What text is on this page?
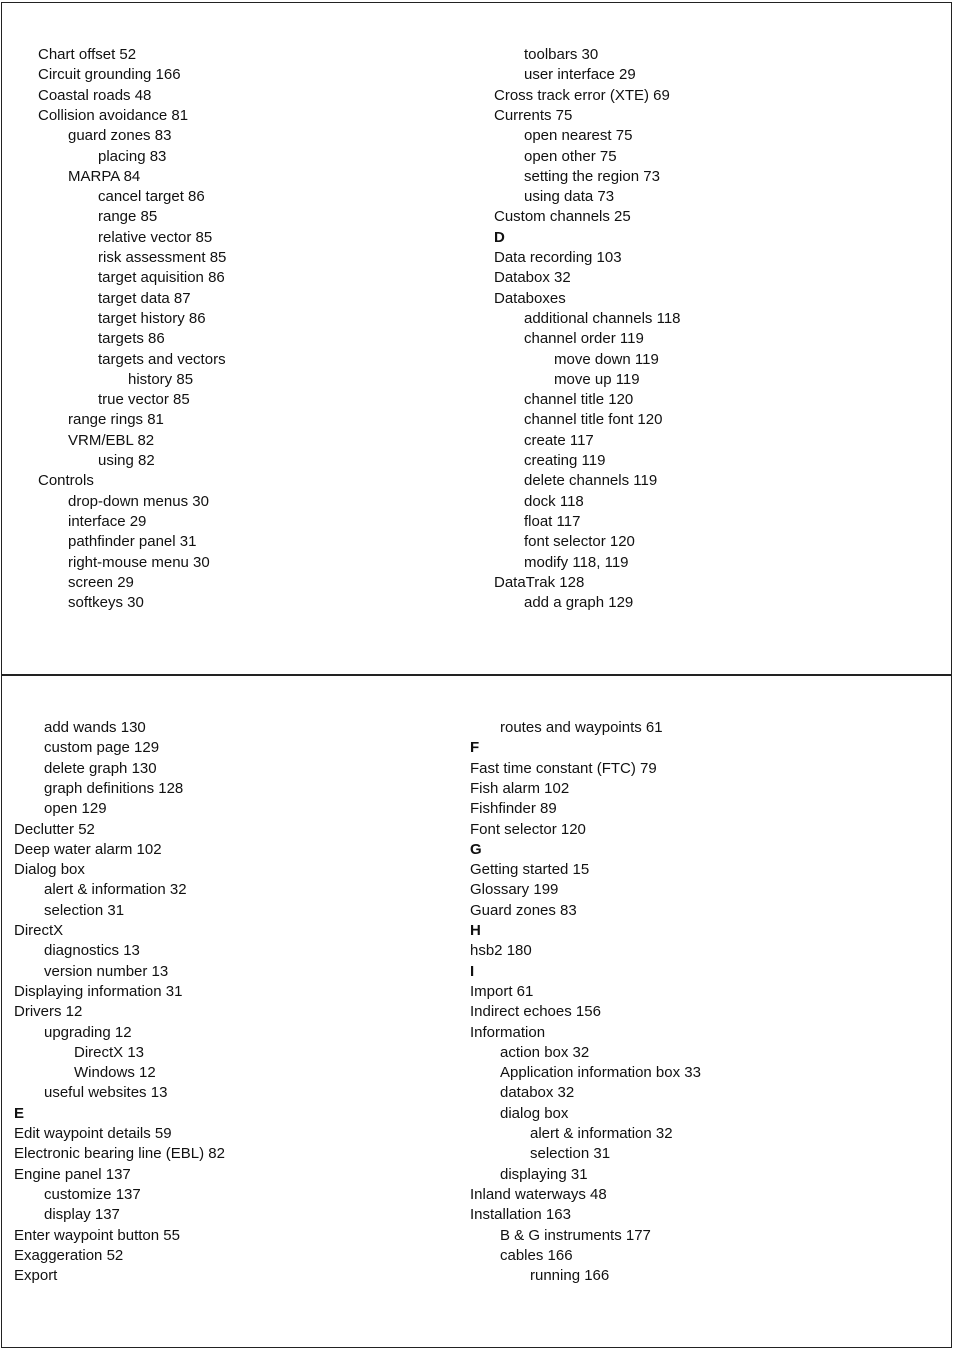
Chart offset 52
Circuit grounding 166
Coastal roads 48
Collision avoidance 81
guard zones 83
placing 83
MARPA 84
cancel target 86
range 85
relative vector 85
risk assessment 85
target aquisition 86
target data 87
target history 86
targets 86
targets and vectors
history 85
true vector 85
range rings 81
VRM/EBL 82
using 82
Controls
drop-down menus 30
interface 29
pathfinder panel 31
right-mouse menu 30
screen 29
softkeys 30
toolbars 30
user interface 29
Cross track error (XTE) 69
Currents 75
open nearest 75
open other 75
setting the region 73
using data 73
Custom channels 25
D
Data recording 103
Databox 32
Databoxes
additional channels 118
channel order 119
move down 119
move up 119
channel title 120
channel title font 120
create 117
creating 119
delete channels 119
dock 118
float 117
font selector 120
modify 118, 119
DataTrak 128
add a graph 129
add wands 130
custom page 129
delete graph 130
graph definitions 128
open 129
Declutter 52
Deep water alarm 102
Dialog box
alert & information 32
selection 31
DirectX
diagnostics 13
version number 13
Displaying information 31
Drivers 12
upgrading 12
DirectX 13
Windows 12
useful websites 13
E
Edit waypoint details 59
Electronic bearing line (EBL) 82
Engine panel 137
customize 137
display 137
Enter waypoint button 55
Exaggeration 52
Export
routes and waypoints 61
F
Fast time constant (FTC) 79
Fish alarm 102
Fishfinder 89
Font selector 120
G
Getting started 15
Glossary 199
Guard zones 83
H
hsb2 180
I
Import 61
Indirect echoes 156
Information
action box 32
Application information box 33
databox 32
dialog box
alert & information 32
selection 31
displaying 31
Inland waterways 48
Installation 163
B & G instruments 177
cables 166
running 166
